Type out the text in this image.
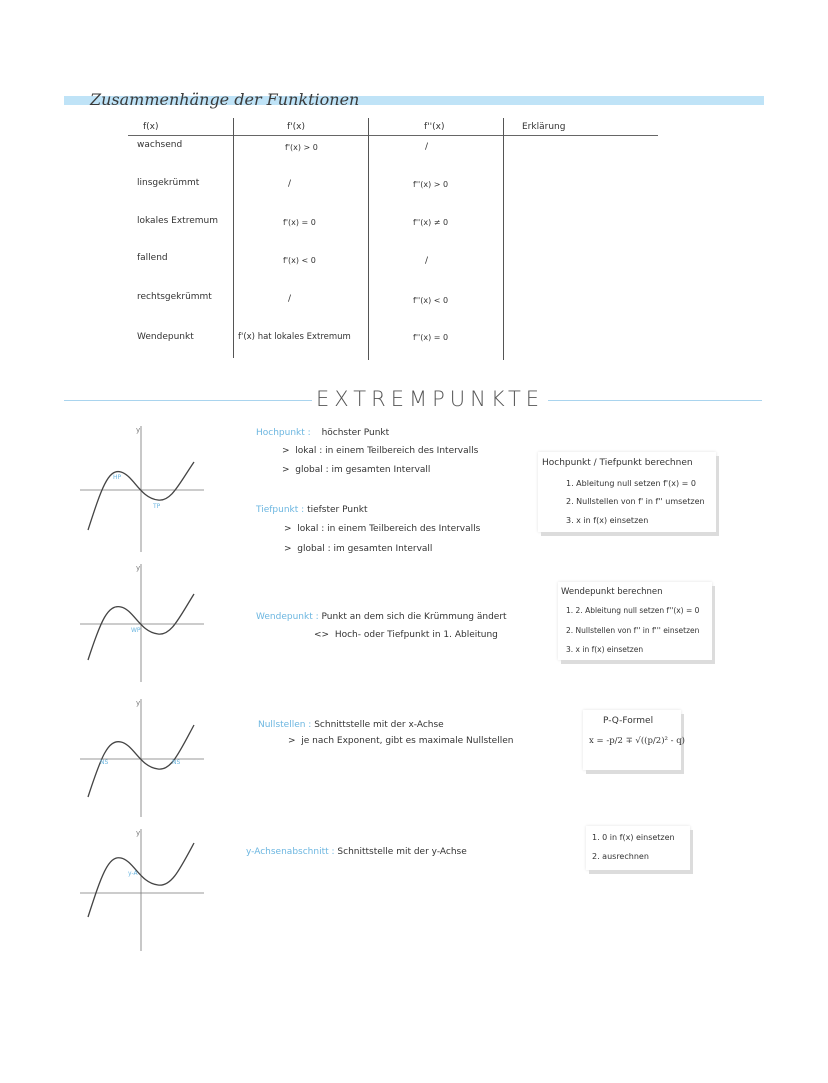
Zusammenhänge der Funktionen
f(x)	f'(x)	f''(x)	Erklärung
wachsend	f'(x) > 0	/
linsgekrümmt	/	f''(x) > 0
lokales Extremum	f'(x) = 0	f''(x) ≠ 0
fallend	f'(x) < 0	/
rechtsgekrümmt	/	f''(x) < 0
Wendepunkt	f'(x) hat lokales Extremum	f''(x) = 0
EXTREMPUNKTE
y
HP
TP
y
WP
y
NS	NS
y
y-A
Hochpunkt : höchster Punkt
>  lokal : in einem Teilbereich des Intervalls
>  global : im gesamten Intervall
Tiefpunkt : tiefster Punkt
>  lokal : in einem Teilbereich des Intervalls
>  global : im gesamten Intervall
Wendepunkt : Punkt an dem sich die Krümmung ändert
<>  Hoch- oder Tiefpunkt in 1. Ableitung
Nullstellen : Schnittstelle mit der x-Achse
>  je nach Exponent, gibt es maximale Nullstellen
y-Achsenabschnitt : Schnittstelle mit der y-Achse
Hochpunkt / Tiefpunkt berechnen
1. Ableitung null setzen f'(x) = 0
2. Nullstellen von f' in f'' umsetzen
3. x in f(x) einsetzen
Wendepunkt berechnen
1. 2. Ableitung null setzen f''(x) = 0
2. Nullstellen von f'' in f''' einsetzen
3. x in f(x) einsetzen
P-Q-Formel
x = -p/2 ∓ √((p/2)² - q)
1. 0 in f(x) einsetzen
2. ausrechnen
